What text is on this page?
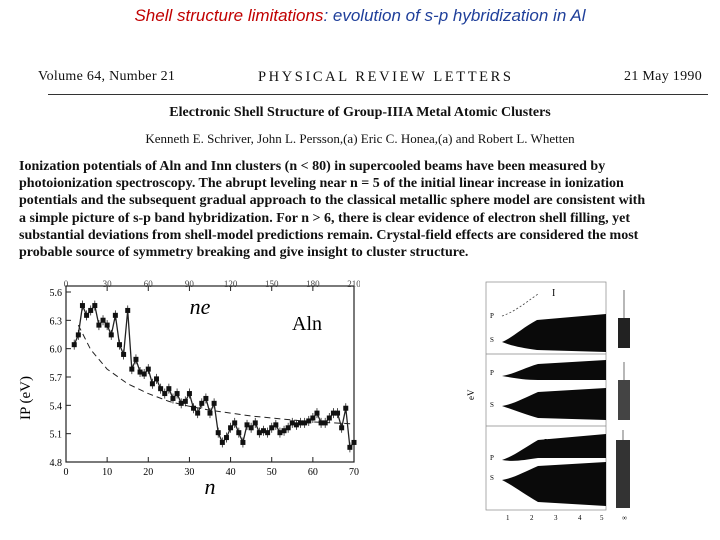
Shell structure limitations: evolution of s-p hybridization in Al
Volume 64, Number 21	PHYSICAL REVIEW LETTERS	21 May 1990
Electronic Shell Structure of Group-IIIA Metal Atomic Clusters
Kenneth E. Schriver, John L. Persson,(a) Eric C. Honea,(a) and Robert L. Whetten
Ionization potentials of Aln and Inn clusters (n < 80) in supercooled beams have been measured by
photoionization spectroscopy. The abrupt leveling near n = 5 of the initial linear increase in ionization
potentials and the subsequent gradual approach to the classical metallic sphere model are consistent with
a simple picture of s-p band hybridization. For n > 6, there is clear evidence of electron shell filling, yet
substantial deviations from shell-model predictions remain. Crystal-field effects are considered the most
probable source of symmetry breaking and give insight to cluster structure.
5.6
6.3
6.0
5.7
5.4
5.1
4.8
0	10	20	30	40	50	60	70
0	30	60	90	120	150	180	210
IP (eV)
n
ne
Aln
I
eV
P
S
P
S
P
S
1	2	3	4	5	∞
